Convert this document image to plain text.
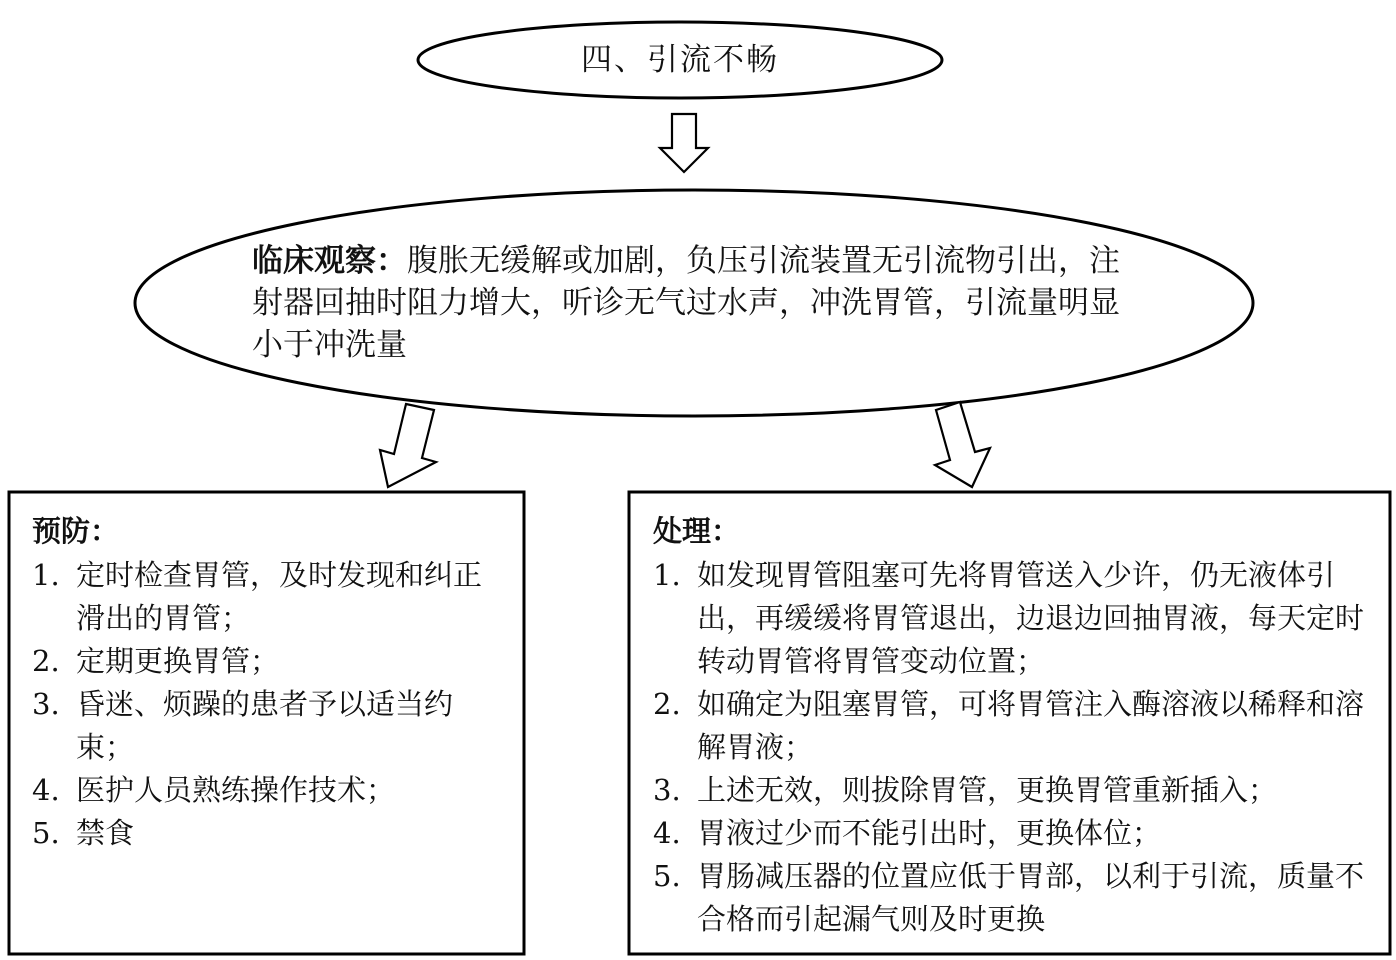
四、引流不畅
临床观察：腹胀无缓解或加剧，负压引流装置无引流物引出，注射器回抽时阻力增大，听诊无气过水声，冲洗胃管，引流量明显小于冲洗量
预防：
1. 定时检查胃管，及时发现和纠正滑出的胃管；
2. 定期更换胃管；
3. 昏迷、烦躁的患者予以适当约束；
4. 医护人员熟练操作技术；
5. 禁食
处理：
1. 如发现胃管阻塞可先将胃管送入少许，仍无液体引出，再缓缓将胃管退出，边退边回抽胃液，每天定时转动胃管将胃管变动位置；
2. 如确定为阻塞胃管，可将胃管注入酶溶液以稀释和溶解胃液；
3. 上述无效，则拔除胃管，更换胃管重新插入；
4. 胃液过少而不能引出时，更换体位；
5. 胃肠减压器的位置应低于胃部，以利于引流，质量不合格而引起漏气则及时更换
